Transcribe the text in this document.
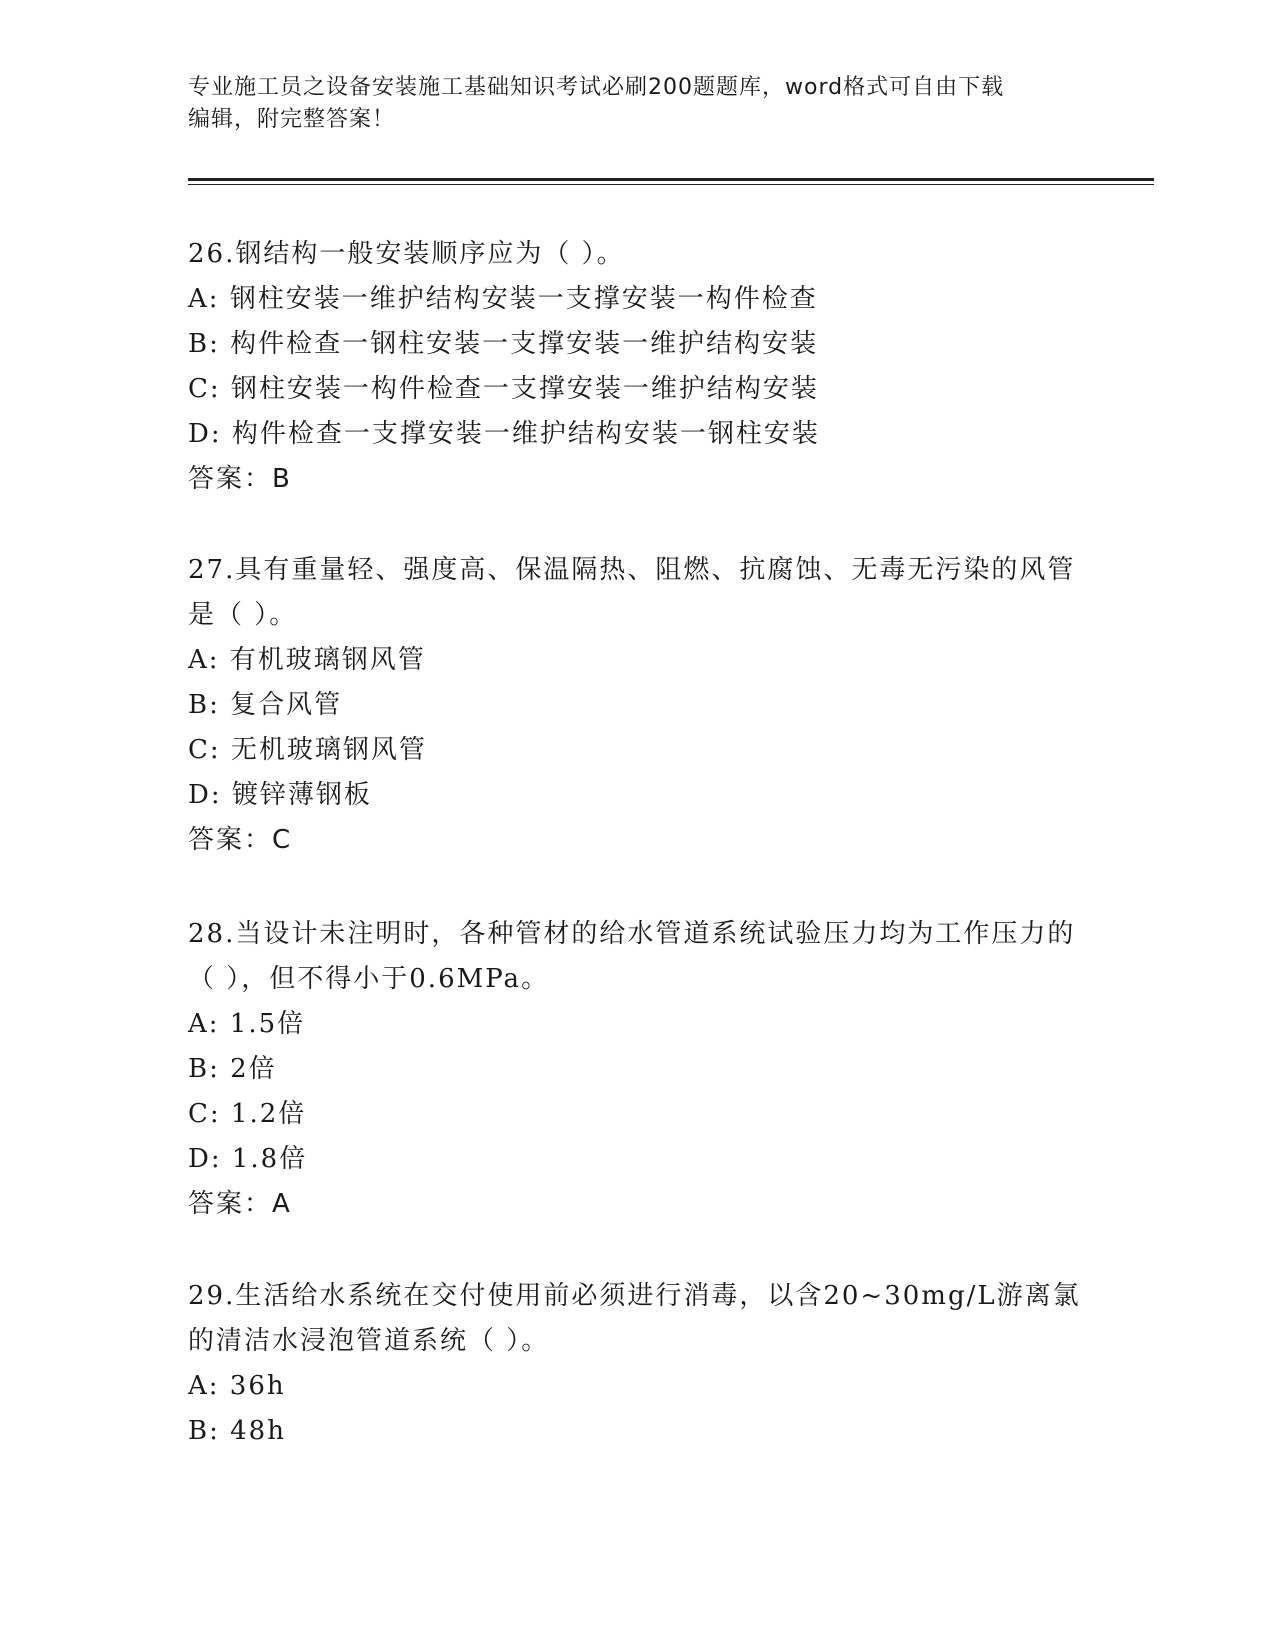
专业施工员之设备安装施工基础知识考试必刷200题题库，word格式可自由下载
编辑，附完整答案！

26.钢结构一般安装顺序应为（ ）。

A: 钢柱安装一维护结构安装一支撑安装一构件检查

B: 构件检查一钢柱安装一支撑安装一维护结构安装

C: 钢柱安装一构件检查一支撑安装一维护结构安装

D: 构件检查一支撑安装一维护结构安装一钢柱安装

答案：B

27.具有重量轻、强度高、保温隔热、阻燃、抗腐蚀、无毒无污染的风管是（ ）。

A: 有机玻璃钢风管

B: 复合风管

C: 无机玻璃钢风管

D: 镀锌薄钢板

答案：C

28.当设计未注明时，各种管材的给水管道系统试验压力均为工作压力的（ ），但不得小于0.6MPa。

A: 1.5倍

B: 2倍

C: 1.2倍

D: 1.8倍

答案：A

29.生活给水系统在交付使用前必须进行消毒，以含20~30mg/L游离氯的清洁水浸泡管道系统（ ）。

A: 36h

B: 48h
